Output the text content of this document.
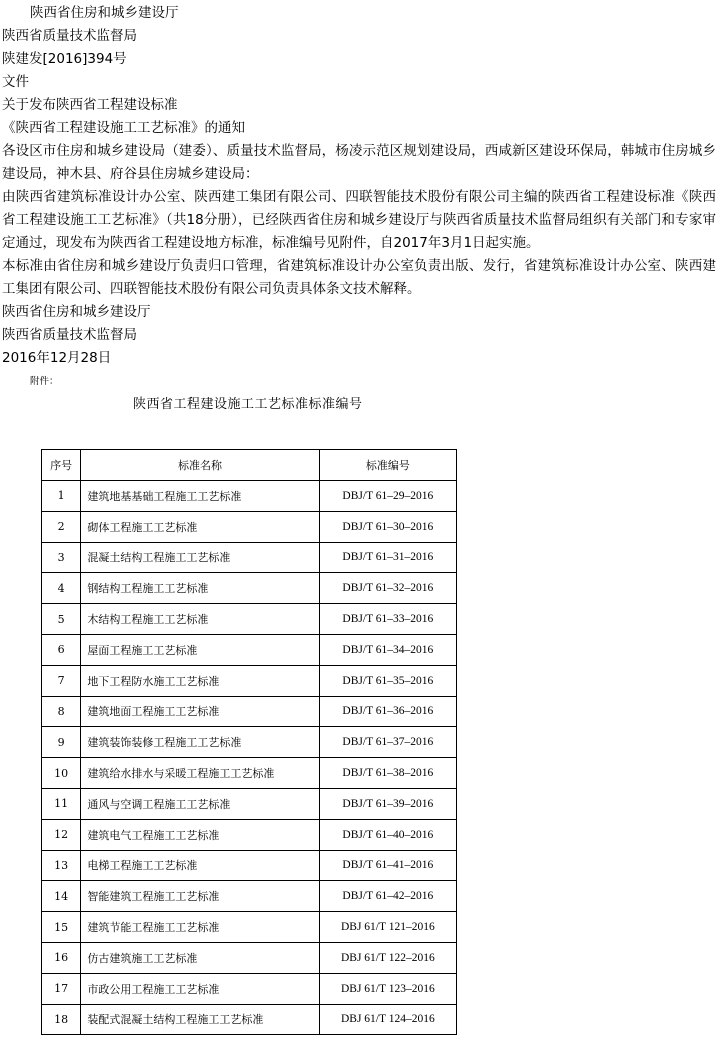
陕西省住房和城乡建设厅
陕西省质量技术监督局
陕建发[2016]394号
文件
关于发布陕西省工程建设标准
《陕西省工程建设施工工艺标准》的通知
各设区市住房和城乡建设局（建委）、质量技术监督局，杨凌示范区规划建设局，西咸新区建设环保局，韩城市住房城乡建设局，神木县、府谷县住房城乡建设局：
由陕西省建筑标准设计办公室、陕西建工集团有限公司、四联智能技术股份有限公司主编的陕西省工程建设标准《陕西省工程建设施工工艺标准》（共18分册），已经陕西省住房和城乡建设厅与陕西省质量技术监督局组织有关部门和专家审定通过，现发布为陕西省工程建设地方标准，标准编号见附件，自2017年3月1日起实施。
本标准由省住房和城乡建设厅负责归口管理，省建筑标准设计办公室负责出版、发行，省建筑标准设计办公室、陕西建工集团有限公司、四联智能技术股份有限公司负责具体条文技术解释。
陕西省住房和城乡建设厅
陕西省质量技术监督局
2016年12月28日
附件：
陕西省工程建设施工工艺标准标准编号
序号	标准名称	标准编号
1	建筑地基基础工程施工工艺标准	DBJ/T 61–29–2016
2	砌体工程施工工艺标准	DBJ/T 61–30–2016
3	混凝土结构工程施工工艺标准	DBJ/T 61–31–2016
4	钢结构工程施工工艺标准	DBJ/T 61–32–2016
5	木结构工程施工工艺标准	DBJ/T 61–33–2016
6	屋面工程施工工艺标准	DBJ/T 61–34–2016
7	地下工程防水施工工艺标准	DBJ/T 61–35–2016
8	建筑地面工程施工工艺标准	DBJ/T 61–36–2016
9	建筑装饰装修工程施工工艺标准	DBJ/T 61–37–2016
10	建筑给水排水与采暖工程施工工艺标准	DBJ/T 61–38–2016
11	通风与空调工程施工工艺标准	DBJ/T 61–39–2016
12	建筑电气工程施工工艺标准	DBJ/T 61–40–2016
13	电梯工程施工工艺标准	DBJ/T 61–41–2016
14	智能建筑工程施工工艺标准	DBJ/T 61–42–2016
15	建筑节能工程施工工艺标准	DBJ 61/T 121–2016
16	仿古建筑施工工艺标准	DBJ 61/T 122–2016
17	市政公用工程施工工艺标准	DBJ 61/T 123–2016
18	装配式混凝土结构工程施工工艺标准	DBJ 61/T 124–2016
